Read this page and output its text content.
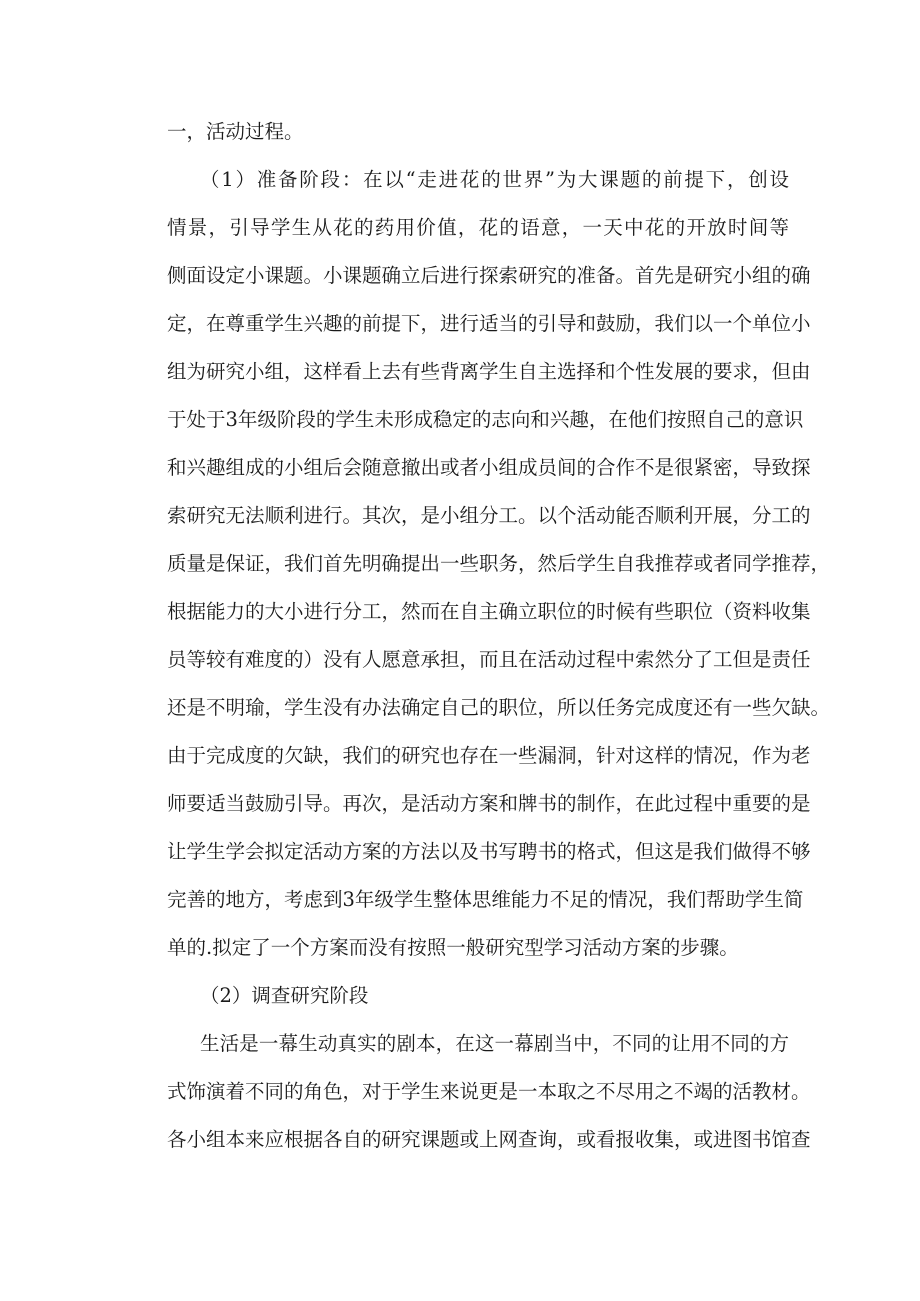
一，活动过程。
（1）准备阶段：在以“走进花的世界”为大课题的前提下，创设
情景，引导学生从花的药用价值，花的语意，一天中花的开放时间等
侧面设定小课题。小课题确立后进行探索研究的准备。首先是研究小组的确
定，在尊重学生兴趣的前提下，进行适当的引导和鼓励，我们以一个单位小
组为研究小组，这样看上去有些背离学生自主选择和个性发展的要求，但由
于处于3年级阶段的学生未形成稳定的志向和兴趣，在他们按照自己的意识
和兴趣组成的小组后会随意撤出或者小组成员间的合作不是很紧密，导致探
索研究无法顺利进行。其次，是小组分工。以个活动能否顺利开展，分工的
质量是保证，我们首先明确提出一些职务，然后学生自我推荐或者同学推荐，
根据能力的大小进行分工，然而在自主确立职位的时候有些职位（资料收集
员等较有难度的）没有人愿意承担，而且在活动过程中索然分了工但是责任
还是不明瑜，学生没有办法确定自己的职位，所以任务完成度还有一些欠缺。
由于完成度的欠缺，我们的研究也存在一些漏洞，针对这样的情况，作为老
师要适当鼓励引导。再次，是活动方案和牌书的制作，在此过程中重要的是
让学生学会拟定活动方案的方法以及书写聘书的格式，但这是我们做得不够
完善的地方，考虑到3年级学生整体思维能力不足的情况，我们帮助学生简
单的.拟定了一个方案而没有按照一般研究型学习活动方案的步骤。
（2）调查研究阶段
生活是一幕生动真实的剧本，在这一幕剧当中，不同的让用不同的方
式饰演着不同的角色，对于学生来说更是一本取之不尽用之不竭的活教材。
各小组本来应根据各自的研究课题或上网查询，或看报收集，或进图书馆查
